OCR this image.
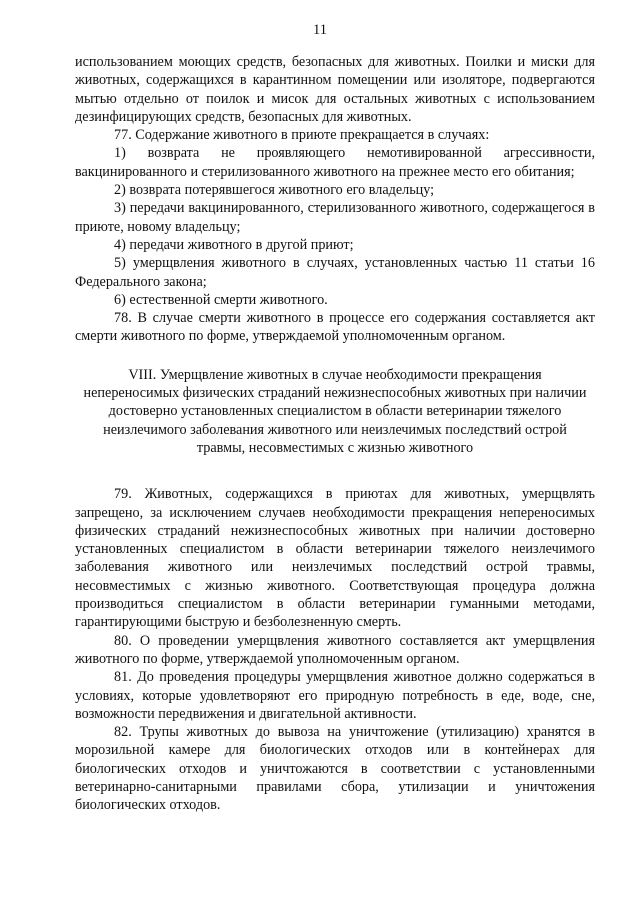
11

использованием моющих средств, безопасных для животных. Поилки и миски для животных, содержащихся в карантинном помещении или изоляторе, подвергаются мытью отдельно от поилок и мисок для остальных животных с использованием дезинфицирующих средств, безопасных для животных.

77. Содержание животного в приюте прекращается в случаях:

1) возврата не проявляющего немотивированной агрессивности, вакцинированного и стерилизованного животного на прежнее место его обитания;

2) возврата потерявшегося животного его владельцу;

3) передачи вакцинированного, стерилизованного животного, содержащегося в приюте, новому владельцу;

4) передачи животного в другой приют;

5) умерщвления животного в случаях, установленных частью 11 статьи 16 Федерального закона;

6) естественной смерти животного.

78. В случае смерти животного в процессе его содержания составляется акт смерти животного по форме, утверждаемой уполномоченным органом.

VIII. Умерщвление животных в случае необходимости прекращения непереносимых физических страданий нежизнеспособных животных при наличии достоверно установленных специалистом в области ветеринарии тяжелого неизлечимого заболевания животного или неизлечимых последствий острой травмы, несовместимых с жизнью животного

79. Животных, содержащихся в приютах для животных, умерщвлять запрещено, за исключением случаев необходимости прекращения непереносимых физических страданий нежизнеспособных животных при наличии достоверно установленных специалистом в области ветеринарии тяжелого неизлечимого заболевания животного или неизлечимых последствий острой травмы, несовместимых с жизнью животного. Соответствующая процедура должна производиться специалистом в области ветеринарии гуманными методами, гарантирующими быструю и безболезненную смерть.

80. О проведении умерщвления животного составляется акт умерщвления животного по форме, утверждаемой уполномоченным органом.

81. До проведения процедуры умерщвления животное должно содержаться в условиях, которые удовлетворяют его природную потребность в еде, воде, сне, возможности передвижения и двигательной активности.

82. Трупы животных до вывоза на уничтожение (утилизацию) хранятся в морозильной камере для биологических отходов или в контейнерах для биологических отходов и уничтожаются в соответствии с установленными ветеринарно-санитарными правилами сбора, утилизации и уничтожения биологических отходов.
